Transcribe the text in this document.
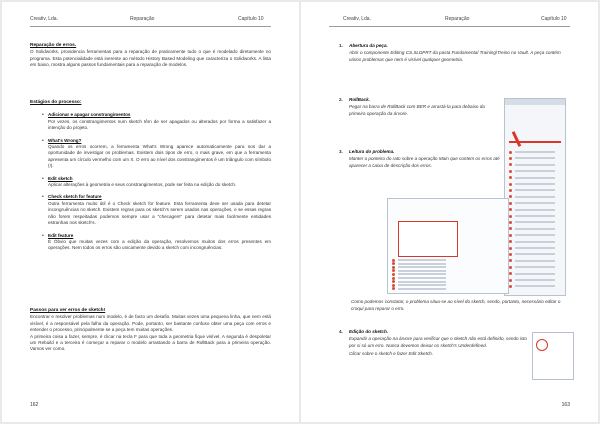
Creativ, Lda.	Reparação	Capítulo 10
Reparação de erros.

O Solidworks, providencia ferramentas para a reparação de praticamente tudo o que é modelado diretamente no programa. Esta potencialidade está inerente ao método History Based Modeling que caracteriza o Solidworks. A lista em baixo, mostra alguns passos fundamentais para a reparação de modelos.

Estágios do processo:
• Adicionar e apagar constrangimentos

Por vezes, os constrangimentos num sketch têm de ser apagados ou alterados por forma a satisfazer a intenção do projeto.

• What's Wrong?

Quando os erros ocorrem, a ferramenta What's Wrong aparece automaticamente para nos dar a oportunidade de investigar os problemas. Existem dois tipos de erro, o mais grave, em que a ferramenta apresenta um círculo vermelho com um X. O erro ao nível dos constrangimentos é um triângulo com símbolo (!).

• Edit sketch

Aplicar alterações à geometria e seus constrangimentos, pode ser feita na edição do sketch.

• Check sketch for feature

Outra ferramenta muito útil é o Check sketch for feature. Esta ferramenta deve ser usada para detetar incongruências no sketch. Existem regras para os sketch's serem usados nas operações, e se essas regras não forem respeitadas podemos sempre usar a "checagem" para detetar mais facilmente entidades estranhas nos sketch's.

• Edit feature

É Óbvio que muitas vezes com a edição da operação, resolvemos muitos dos erros presentes em operações. Nem todos os erros são unicamente devido a sketch com incongruências.

Passos para ver erros de sketch!

Encontrar e resolver problemas num modelo, é de facto um desafio. Muitas vezes uma pequena linha, que nem está visível, é a responsável pela falha da operação. Pode, portanto, ser bastante confuso obter uma peça com erros e entender o processo, principalmente se a peça tem muitas operações.

A primeira coisa a fazer, sempre, é clicar na tecla F para que toda a geometria fique visível. A segunda é despoletar um Rebuild e a terceira é começar a reparar o modelo arrastando a barra de RollBack para a primeira operação. Vamos ver como.

162
Creativ, Lda.	Reparação	Capítulo 10
1. Abertura da peça.
Abrir o componente Editing CS.SLDPRT da pasta Fundamental Training\Treino no Vault. A peça contém vários problemas que nem é visível qualquer geometria.
2. RollBack.
Pegar na barra de RollBack com BER e arrastá-la para debaixo da primeira operação da árvore.
3. Leitura do problema.
Manter o ponteiro do rato sobre a operação Main que contem os erros até aparecer a caixa de descrição dos erros.
Como podemos constatar, o problema situa-se ao nível do sketch, sendo, portanto, necessário editar o croqui para reparar o erro.
4. Edição do sketch.
Expandir a operação na árvore para verificar que o sketch não está definido, sendo isto por si só um erro. Nunca devemos deixar os sketch's Underdefined.
Clicar sobre o sketch e fazer Edit Sketch.
163
